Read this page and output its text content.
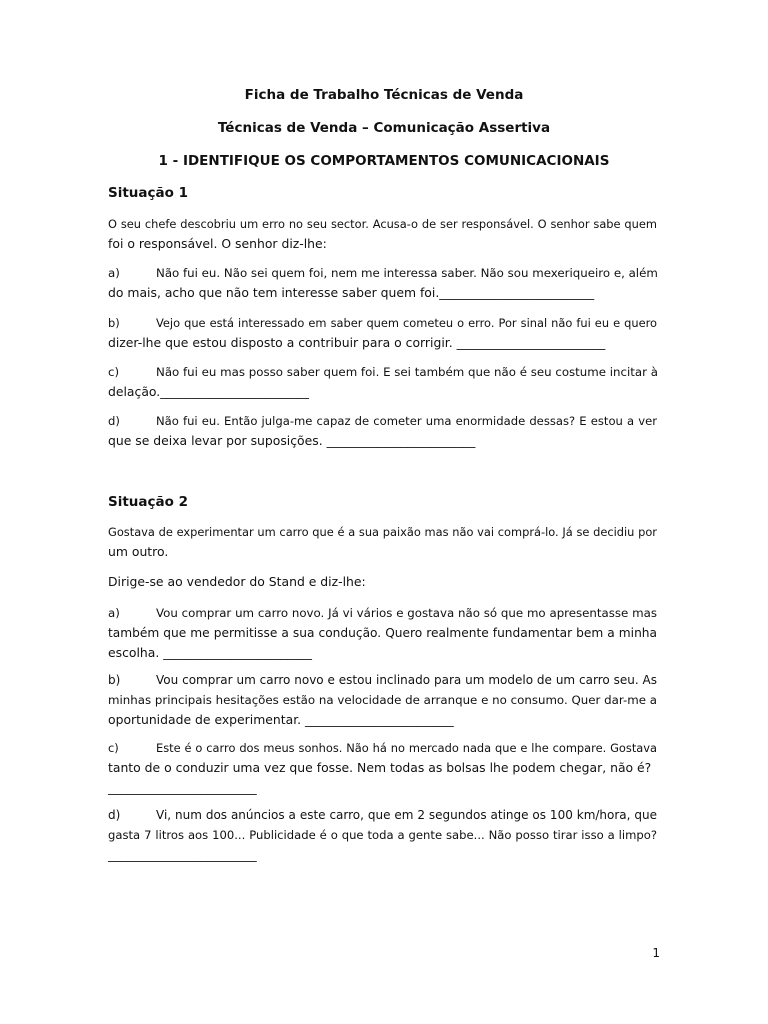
Ficha de Trabalho Técnicas de Venda
Técnicas de Venda – Comunicação Assertiva
1 - IDENTIFIQUE OS COMPORTAMENTOS COMUNICACIONAIS
Situação 1
O seu chefe descobriu um erro no seu sector. Acusa-o de ser responsável. O senhor sabe quem
foi o responsável. O senhor diz-lhe:
a)	Não fui eu. Não sei quem foi, nem me interessa saber. Não sou mexeriqueiro e, além
do mais, acho que não tem interesse saber quem foi._________________________
b)	Vejo que está interessado em saber quem cometeu o erro. Por sinal não fui eu e quero
dizer-lhe que estou disposto a contribuir para o corrigir. ________________________
c)	Não fui eu mas posso saber quem foi. E sei também que não é seu costume incitar à
delação.________________________
d)	Não fui eu. Então julga-me capaz de cometer uma enormidade dessas? E estou a ver
que se deixa levar por suposições. ________________________
Situação 2
Gostava de experimentar um carro que é a sua paixão mas não vai comprá-lo. Já se decidiu por
um outro.
Dirige-se ao vendedor do Stand e diz-lhe:
a)	Vou comprar um carro novo. Já vi vários e gostava não só que mo apresentasse mas
também que me permitisse a sua condução. Quero realmente fundamentar bem a minha
escolha. ________________________
b)	Vou comprar um carro novo e estou inclinado para um modelo de um carro seu. As
minhas principais hesitações estão na velocidade de arranque e no consumo. Quer dar-me a
oportunidade de experimentar. ________________________
c)	Este é o carro dos meus sonhos. Não há no mercado nada que e lhe compare. Gostava
tanto de o conduzir uma vez que fosse. Nem todas as bolsas lhe podem chegar, não é?
________________________
d)	Vi, num dos anúncios a este carro, que em 2 segundos atinge os 100 km/hora, que
gasta 7 litros aos 100... Publicidade é o que toda a gente sabe... Não posso tirar isso a limpo?
________________________
1
